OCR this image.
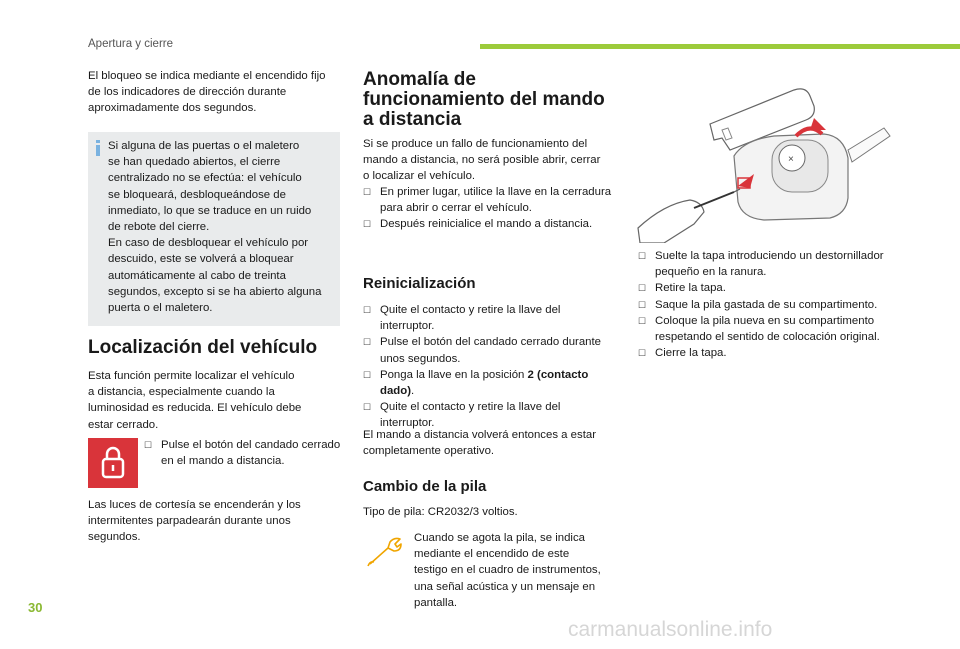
Apertura y cierre

El bloqueo se indica mediante el encendido fijo de los indicadores de dirección durante aproximadamente dos segundos.

Si alguna de las puertas o el maletero
se han quedado abiertos, el cierre
centralizado no se efectúa: el vehículo
se bloqueará, desbloqueándose de
inmediato, lo que se traduce en un ruido
de rebote del cierre.
En caso de desbloquear el vehículo por
descuido, este se volverá a bloquear
automáticamente al cabo de treinta
segundos, excepto si se ha abierto alguna
puerta o el maletero.
Localización del vehículo
Esta función permite localizar el vehículo
a distancia, especialmente cuando la
luminosidad es reducida. El vehículo debe
estar cerrado.
☐ Pulse el botón del candado cerrado en el mando a distancia.
Las luces de cortesía se encenderán y los
intermitentes parpadearán durante unos
segundos.
Anomalía de
funcionamiento del mando
a distancia
Si se produce un fallo de funcionamiento del
mando a distancia, no será posible abrir, cerrar
o localizar el vehículo.
☐ En primer lugar, utilice la llave en la cerradura para abrir o cerrar el vehículo.
☐ Después reinicialice el mando a distancia.
Reinicialización
☐ Quite el contacto y retire la llave del interruptor.
☐ Pulse el botón del candado cerrado durante unos segundos.
☐ Ponga la llave en la posición 2 (contacto dado).
☐ Quite el contacto y retire la llave del interruptor.
El mando a distancia volverá entonces a estar
completamente operativo.
Cambio de la pila

Tipo de pila: CR2032/3 voltios.

Cuando se agota la pila, se indica
mediante el encendido de este
testigo en el cuadro de instrumentos,
una señal acústica y un mensaje en
pantalla.
×
☐ Suelte la tapa introduciendo un destornillador pequeño en la ranura.
☐ Retire la tapa.
☐ Saque la pila gastada de su compartimento.
☐ Coloque la pila nueva en su compartimento respetando el sentido de colocación original.
☐ Cierre la tapa.
30
carmanualsonline.info
